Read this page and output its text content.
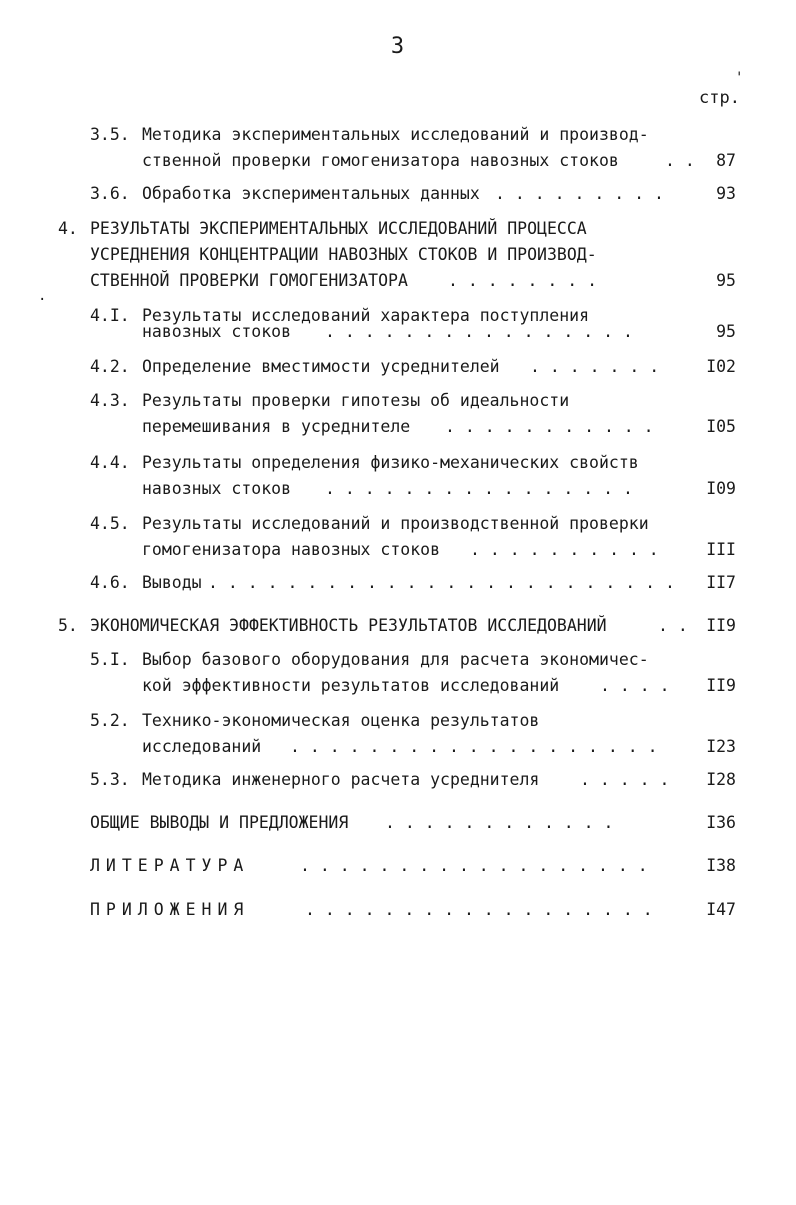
3
стр.
3.5. Методика экспериментальных исследований и производ-
ственной проверки гомогенизатора навозных стоков	. . 87
3.6. Обработка экспериментальных данных . . . . . . . . .	93
4. РЕЗУЛЬТАТЫ ЭКСПЕРИМЕНТАЛЬНЫХ ИССЛЕДОВАНИЙ ПРОЦЕССА
УСРЕДНЕНИЯ КОНЦЕНТРАЦИИ НАВОЗНЫХ СТОКОВ И ПРОИЗВОД-
СТВЕННОЙ ПРОВЕРКИ ГОМОГЕНИЗАТОРА . . . . . . . .	95
4.I. Результаты исследований характера поступления
навозных стоков . . . . . . . . . . . . . . . .	95
4.2. Определение вместимости усреднителей . . . . . . .	I02
4.3. Результаты проверки гипотезы об идеальности
перемешивания в усреднителе . . . . . . . . . . .	I05
4.4. Результаты определения физико-механических свойств
навозных стоков . . . . . . . . . . . . . . . .	I09
4.5. Результаты исследований и производственной проверки
гомогенизатора навозных стоков . . . . . . . . . .	III
4.6. Выводы . . . . . . . . . . . . . . . . . . . . . . . . II7
5. ЭКОНОМИЧЕСКАЯ ЭФФЕКТИВНОСТЬ РЕЗУЛЬТАТОВ ИССЛЕДОВАНИЙ	. . II9
5.I. Выбор базового оборудования для расчета экономичес-
кой эффективности результатов исследований . . . . II9
5.2. Технико-экономическая оценка результатов
исследований . . . . . . . . . . . . . . . . . . .	I23
5.3. Методика инженерного расчета усреднителя . . . . . I28
ОБЩИЕ ВЫВОДЫ И ПРЕДЛОЖЕНИЯ . . . . . . . . . . . .	I36
ЛИТЕРАТУРА	. . . . . . . . . . . . . . . . . .	I38
ПРИЛОЖЕНИЯ	. . . . . . . . . . . . . . . . . .	I47
·
'
